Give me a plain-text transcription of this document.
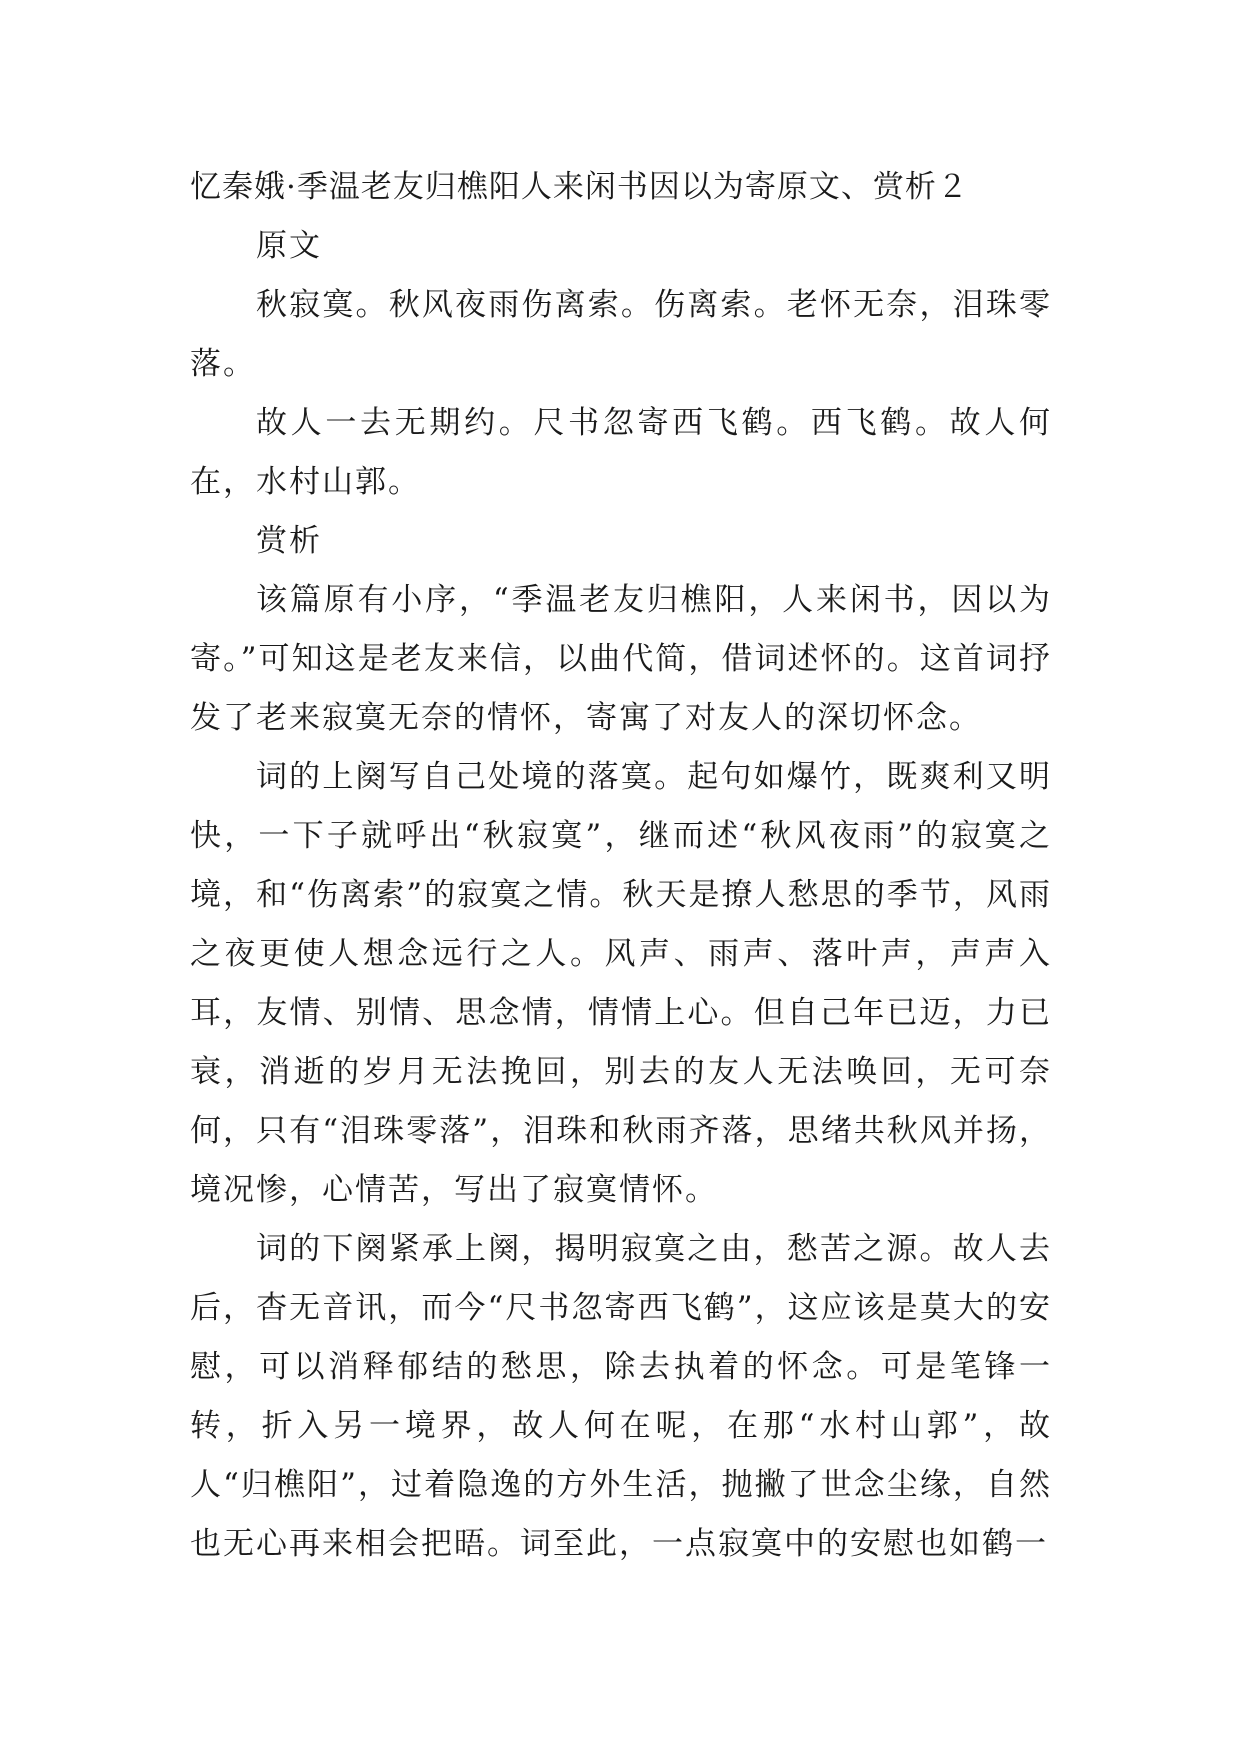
忆秦娥·季温老友归樵阳人来闲书因以为寄原文、赏析２
原文

秋寂寞。秋风夜雨伤离索。伤离索。老怀无奈，泪珠零落。

故人一去无期约。尺书忽寄西飞鹤。西飞鹤。故人何在，水村山郭。

赏析

该篇原有小序，“季温老友归樵阳，人来闲书，因以为寄。”可知这是老友来信，以曲代简，借词述怀的。这首词抒发了老来寂寞无奈的情怀，寄寓了对友人的深切怀念。

词的上阕写自己处境的落寞。起句如爆竹，既爽利又明快，一下子就呼出“秋寂寞”，继而述“秋风夜雨”的寂寞之境，和“伤离索”的寂寞之情。秋天是撩人愁思的季节，风雨之夜更使人想念远行之人。风声、雨声、落叶声，声声入耳，友情、别情、思念情，情情上心。但自己年已迈，力已衰，消逝的岁月无法挽回，别去的友人无法唤回，无可奈何，只有“泪珠零落”，泪珠和秋雨齐落，思绪共秋风并扬，境况惨，心情苦，写出了寂寞情怀。

词的下阕紧承上阕，揭明寂寞之由，愁苦之源。故人去后，杳无音讯，而今“尺书忽寄西飞鹤”，这应该是莫大的安慰，可以消释郁结的愁思，除去执着的怀念。可是笔锋一转，折入另一境界，故人何在呢，在那“水村山郭”，故人“归樵阳”，过着隐逸的方外生活，抛撇了世念尘缘，自然也无心再来相会把晤。词至此，一点寂寞中的安慰也如鹤一
